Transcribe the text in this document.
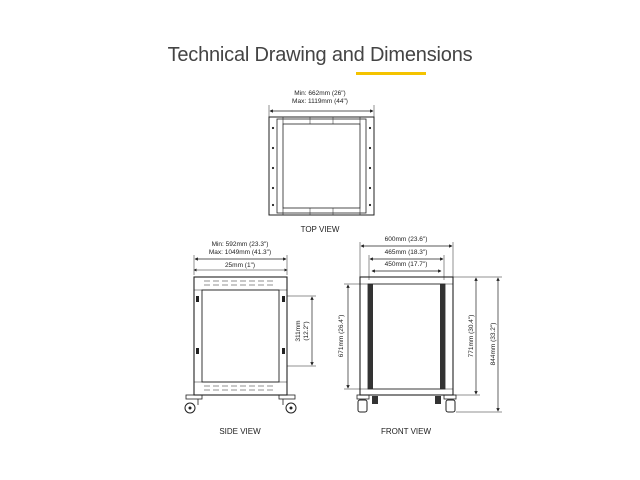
Technical Drawing and Dimensions
Min: 662mm (26")
Max: 1119mm (44")
TOP VIEW
Min: 592mm (23.3")
Max: 1049mm (41.3")
25mm (1")
311mm (12.2")
SIDE VIEW
600mm (23.6")
465mm (18.3")
450mm (17.7")
671mm (26.4")	771mm (30.4") 844mm (33.2")
FRONT VIEW
